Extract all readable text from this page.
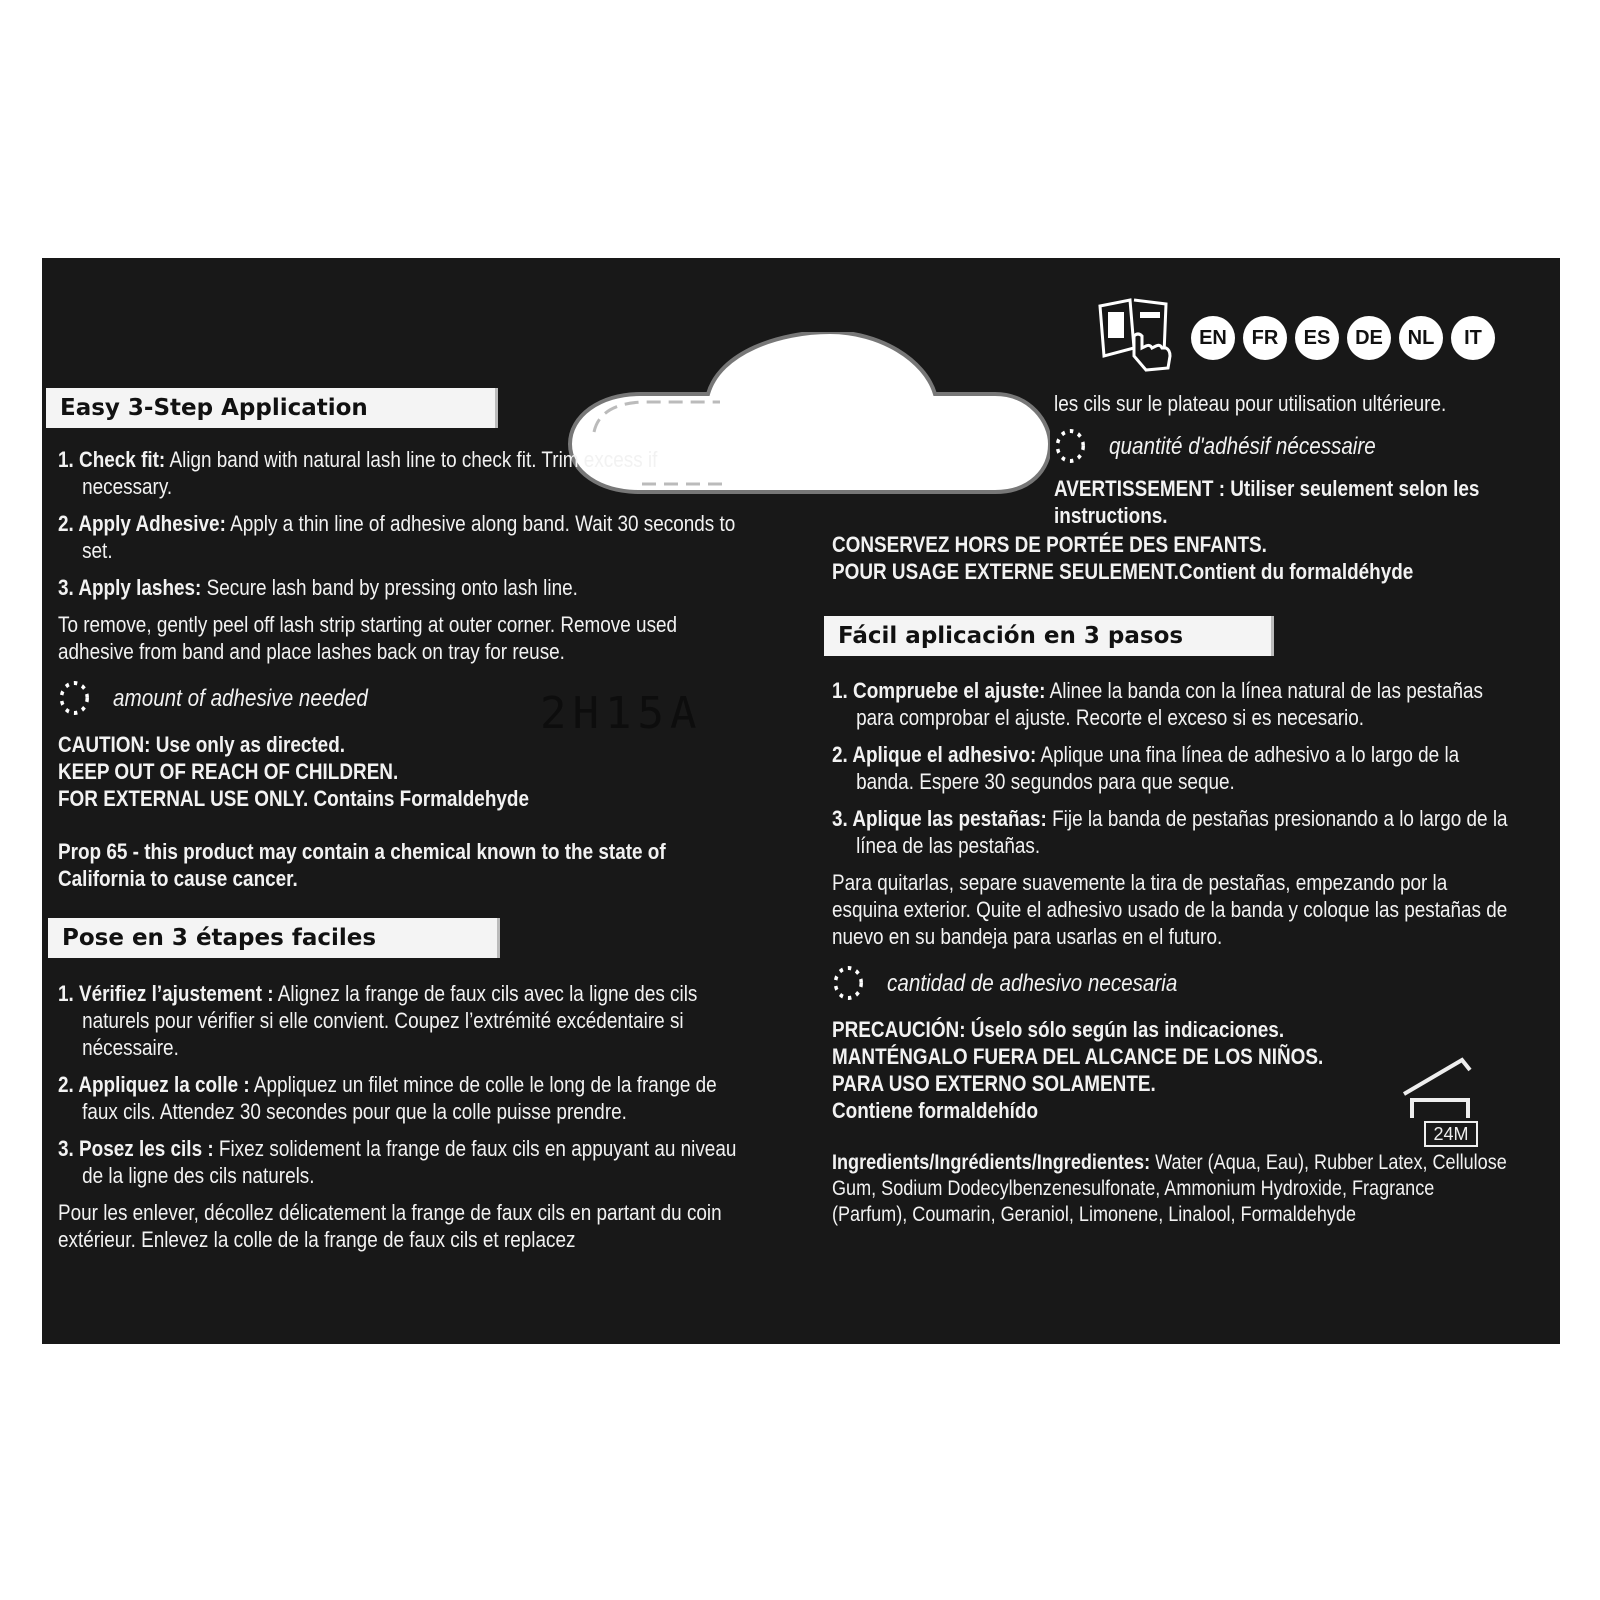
EN	FR	ES	DE	NL	IT
2H15A
Easy 3-Step Application
1. Check fit: Align band with natural lash line to check fit. Trim excess if necessary.
2. Apply Adhesive: Apply a thin line of adhesive along band. Wait 30 seconds to set.
3. Apply lashes: Secure lash band by pressing onto lash line.
To remove, gently peel off lash strip starting at outer corner. Remove used adhesive from band and place lashes back on tray for reuse.
amount of adhesive needed
CAUTION: Use only as directed.
KEEP OUT OF REACH OF CHILDREN.
FOR EXTERNAL USE ONLY. Contains Formaldehyde
Prop 65 - this product may contain a chemical known to the state of California to cause cancer.
Pose en 3 étapes faciles
1. Vérifiez l’ajustement : Alignez la frange de faux cils avec la ligne des cils naturels pour vérifier si elle convient. Coupez l’extrémité excédentaire si nécessaire.
2. Appliquez la colle : Appliquez un filet mince de colle le long de la frange de faux cils. Attendez 30 secondes pour que la colle puisse prendre.
3. Posez les cils : Fixez solidement la frange de faux cils en appuyant au niveau de la ligne des cils naturels.
Pour les enlever, décollez délicatement la frange de faux cils en partant du coin extérieur. Enlevez la colle de la frange de faux cils et replacez
les cils sur le plateau pour utilisation ultérieure.
quantité d'adhésif nécessaire
AVERTISSEMENT : Utiliser seulement selon les instructions.
CONSERVEZ HORS DE PORTÉE DES ENFANTS.
POUR USAGE EXTERNE SEULEMENT.Contient du formaldéhyde
Fácil aplicación en 3 pasos
1. Compruebe el ajuste: Alinee la banda con la línea natural de las pestañas para comprobar el ajuste. Recorte el exceso si es necesario.
2. Aplique el adhesivo: Aplique una fina línea de adhesivo a lo largo de la banda. Espere 30 segundos para que seque.
3. Aplique las pestañas: Fije la banda de pestañas presionando a lo largo de la línea de las pestañas.
Para quitarlas, separe suavemente la tira de pestañas, empezando por la esquina exterior. Quite el adhesivo usado de la banda y coloque las pestañas de nuevo en su bandeja para usarlas en el futuro.
cantidad de adhesivo necesaria
PRECAUCIÓN: Úselo sólo según las indicaciones.
MANTÉNGALO FUERA DEL ALCANCE DE LOS NIÑOS.
PARA USO EXTERNO SOLAMENTE.
Contiene formaldehído
Ingredients/Ingrédients/Ingredientes: Water (Aqua, Eau), Rubber Latex, Cellulose Gum, Sodium Dodecylbenzenesulfonate, Ammonium Hydroxide, Fragrance (Parfum), Coumarin, Geraniol, Limonene, Linalool, Formaldehyde
24M
